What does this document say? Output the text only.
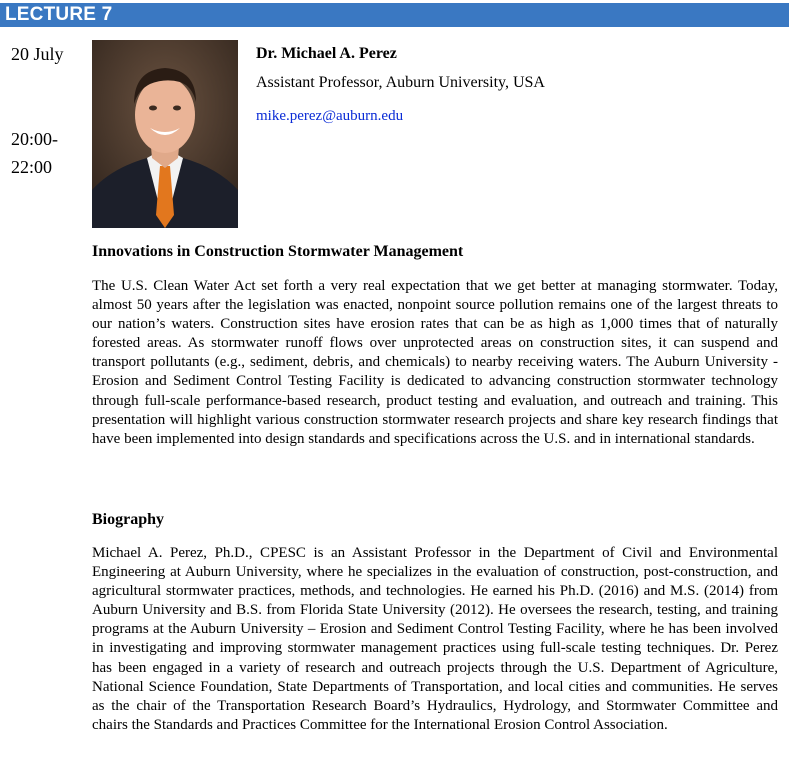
LECTURE 7
20 July
20:00-22:00
Dr. Michael A. Perez
Assistant Professor, Auburn University, USA
mike.perez@auburn.edu
Innovations in Construction Stormwater Management
The U.S. Clean Water Act set forth a very real expectation that we get better at managing stormwater. Today, almost 50 years after the legislation was enacted, nonpoint source pollution remains one of the largest threats to our nation’s waters. Construction sites have erosion rates that can be as high as 1,000 times that of naturally forested areas. As stormwater runoff flows over unprotected areas on construction sites, it can suspend and transport pollutants (e.g., sediment, debris, and chemicals) to nearby receiving waters. The Auburn University - Erosion and Sediment Control Testing Facility is dedicated to advancing construction stormwater technology through full-scale performance-based research, product testing and evaluation, and outreach and training. This presentation will highlight various construction stormwater research projects and share key research findings that have been implemented into design standards and specifications across the U.S. and in international standards.
Biography
Michael A. Perez, Ph.D., CPESC is an Assistant Professor in the Department of Civil and Environmental Engineering at Auburn University, where he specializes in the evaluation of construction, post-construction, and agricultural stormwater practices, methods, and technologies. He earned his Ph.D. (2016) and M.S. (2014) from Auburn University and B.S. from Florida State University (2012). He oversees the research, testing, and training programs at the Auburn University – Erosion and Sediment Control Testing Facility, where he has been involved in investigating and improving stormwater management practices using full-scale testing techniques. Dr. Perez has been engaged in a variety of research and outreach projects through the U.S. Department of Agriculture, National Science Foundation, State Departments of Transportation, and local cities and communities. He serves as the chair of the Transportation Research Board’s Hydraulics, Hydrology, and Stormwater Committee and chairs the Standards and Practices Committee for the International Erosion Control Association.
